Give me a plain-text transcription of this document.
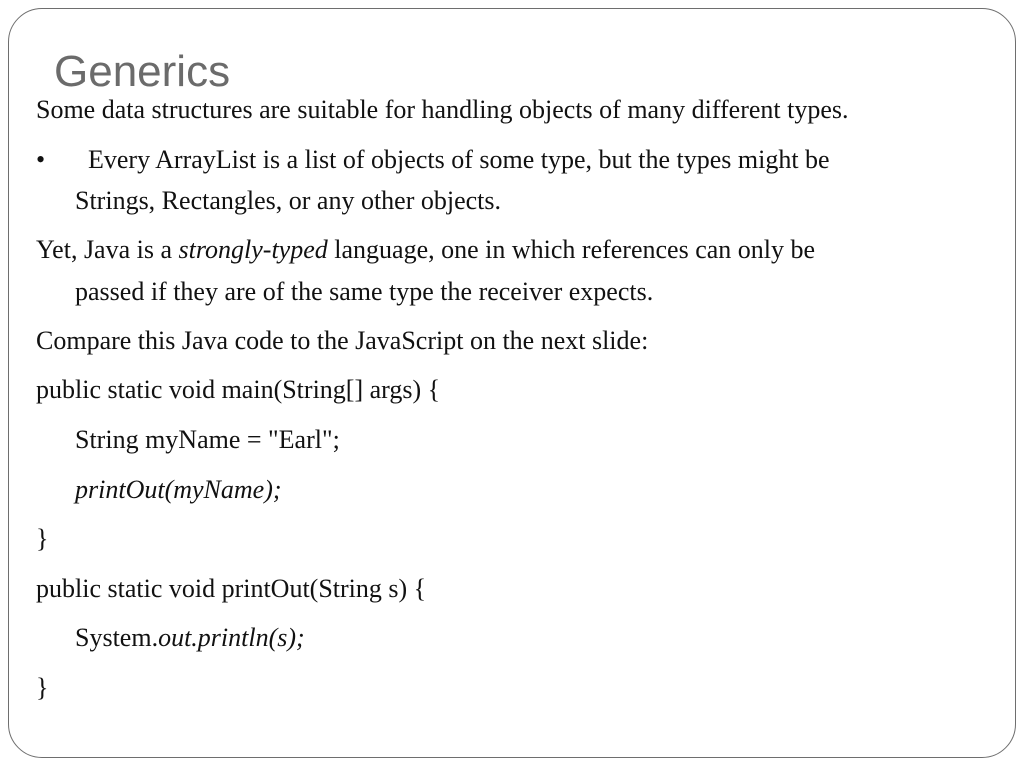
Generics
Some data structures are suitable for handling objects of many different types.
• Every ArrayList is a list of objects of some type, but the types might be
Strings, Rectangles, or any other objects.
Yet, Java is a strongly-typed language, one in which references can only be
passed if they are of the same type the receiver expects.
Compare this Java code to the JavaScript on the next slide:
public static void main(String[] args) {
String myName = "Earl";
printOut(myName);
}
public static void printOut(String s) {
System.out.println(s);
}
